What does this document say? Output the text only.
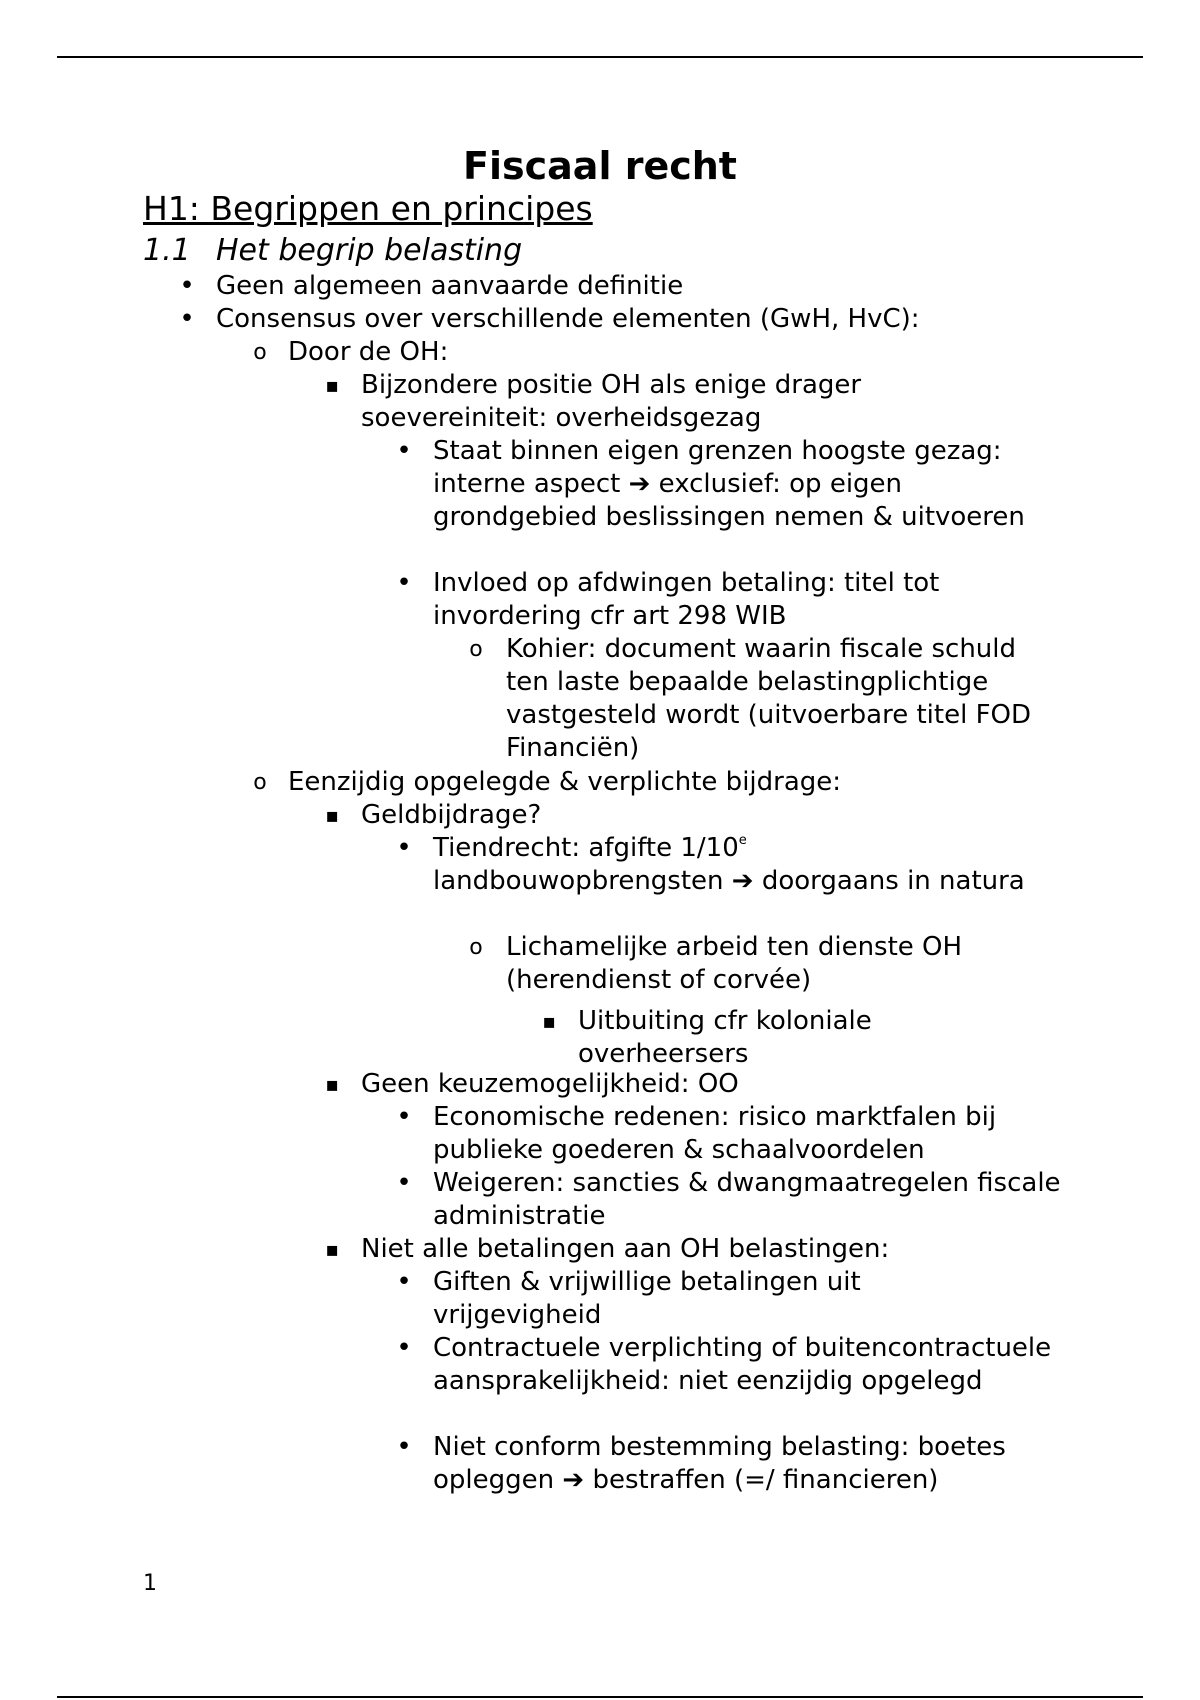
Fiscaal recht
H1: Begrippen en principes
1.1 Het begrip belasting
•

Geen algemeen aanvaarde definitie

•

Consensus over verschillende elementen (GwH, HvC):

o

Door de OH:

▪

Bijzondere positie OH als enige drager soevereiniteit: overheidsgezag

•

Staat binnen eigen grenzen hoogste gezag: interne aspect ➔ exclusief: op eigen grondgebied beslissingen nemen & uitvoeren

•

Invloed op afdwingen betaling: titel tot invordering cfr art 298 WIB

o

Kohier: document waarin fiscale schuld ten laste bepaalde belastingplichtige vastgesteld wordt (uitvoerbare titel FOD Financiën)

o

Eenzijdig opgelegde & verplichte bijdrage:

▪

Geldbijdrage?

•

Tiendrecht: afgifte 1/10e
landbouwopbrengsten ➔ doorgaans in natura

o

Lichamelijke arbeid ten dienste OH (herendienst of corvée)

▪

Uitbuiting cfr koloniale overheersers

▪

Geen keuzemogelijkheid: OO

•

Economische redenen: risico marktfalen bij publieke goederen & schaalvoordelen

•

Weigeren: sancties & dwangmaatregelen fiscale administratie

▪

Niet alle betalingen aan OH belastingen:

•

Giften & vrijwillige betalingen uit vrijgevigheid

•

Contractuele verplichting of buitencontractuele aansprakelijkheid: niet eenzijdig opgelegd

•

Niet conform bestemming belasting: boetes opleggen ➔ bestraffen (=/ financieren)

1
